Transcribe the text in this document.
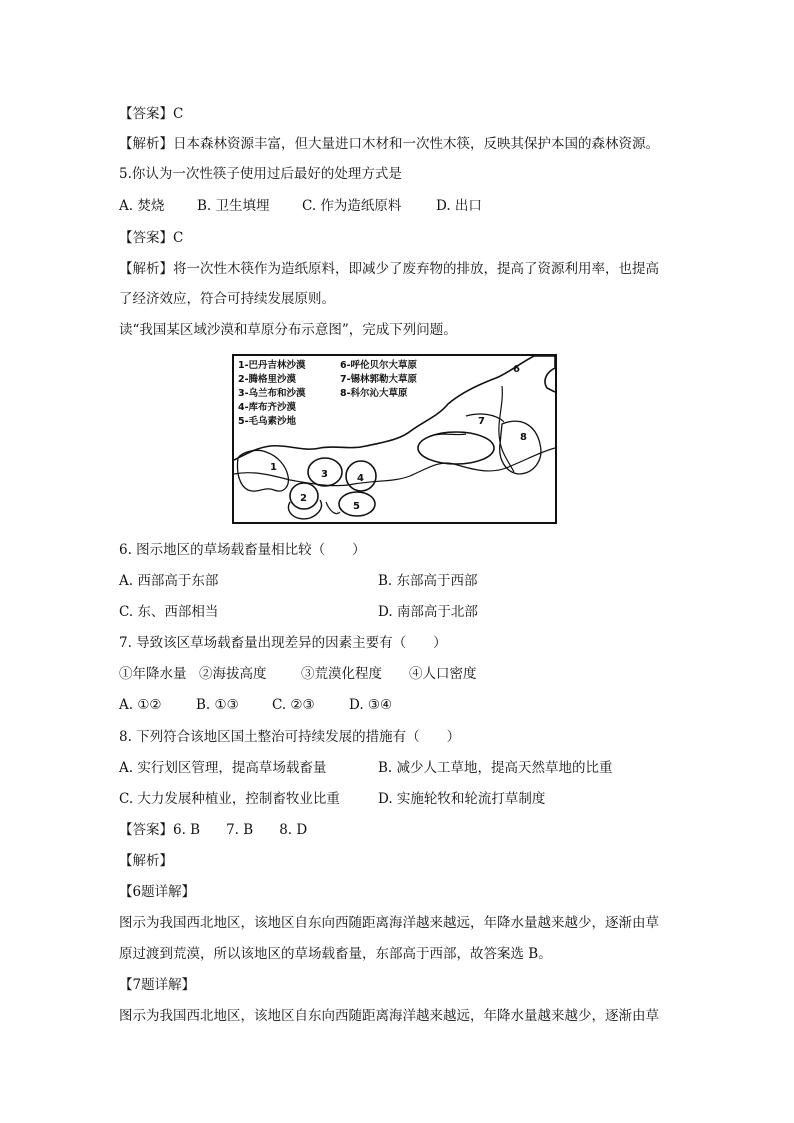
【答案】C
【解析】日本森林资源丰富，但大量进口木材和一次性木筷，反映其保护本国的森林资源。
5.你认为一次性筷子使用过后最好的处理方式是
A. 焚烧 B. 卫生填埋 C. 作为造纸原料	D. 出口
【答案】C
【解析】将一次性木筷作为造纸原料，即减少了废弃物的排放，提高了资源利用率，也提高
了经济效应，符合可持续发展原则。
读“我国某区域沙漠和草原分布示意图”，完成下列问题。
1-巴丹吉林沙漠
2-腾格里沙漠
3-乌兰布和沙漠
4-库布齐沙漠
5-毛乌素沙地
6-呼伦贝尔大草原
7-锡林郭勒大草原
8-科尔沁大草原
1
2
3	4
5
6
7
8
6. 图示地区的草场载畜量相比较（　　）
A. 西部高于东部	B. 东部高于西部
C. 东、西部相当	D. 南部高于北部
7. 导致该区草场载畜量出现差异的因素主要有（　　）
①年降水量 ②海拔高度	③荒漠化程度 ④人口密度
A. ①②	B. ①③ C. ②③	D. ③④
8. 下列符合该地区国土整治可持续发展的措施有（　　）
A. 实行划区管理，提高草场载畜量	B. 减少人工草地，提高天然草地的比重
C. 大力发展种植业，控制畜牧业比重	D. 实施轮牧和轮流打草制度
【答案】6. B 7. B 8. D
【解析】
【6题详解】
图示为我国西北地区，该地区自东向西随距离海洋越来越远，年降水量越来越少，逐渐由草
原过渡到荒漠，所以该地区的草场载畜量，东部高于西部，故答案选 B。
【7题详解】
图示为我国西北地区，该地区自东向西随距离海洋越来越远，年降水量越来越少，逐渐由草
